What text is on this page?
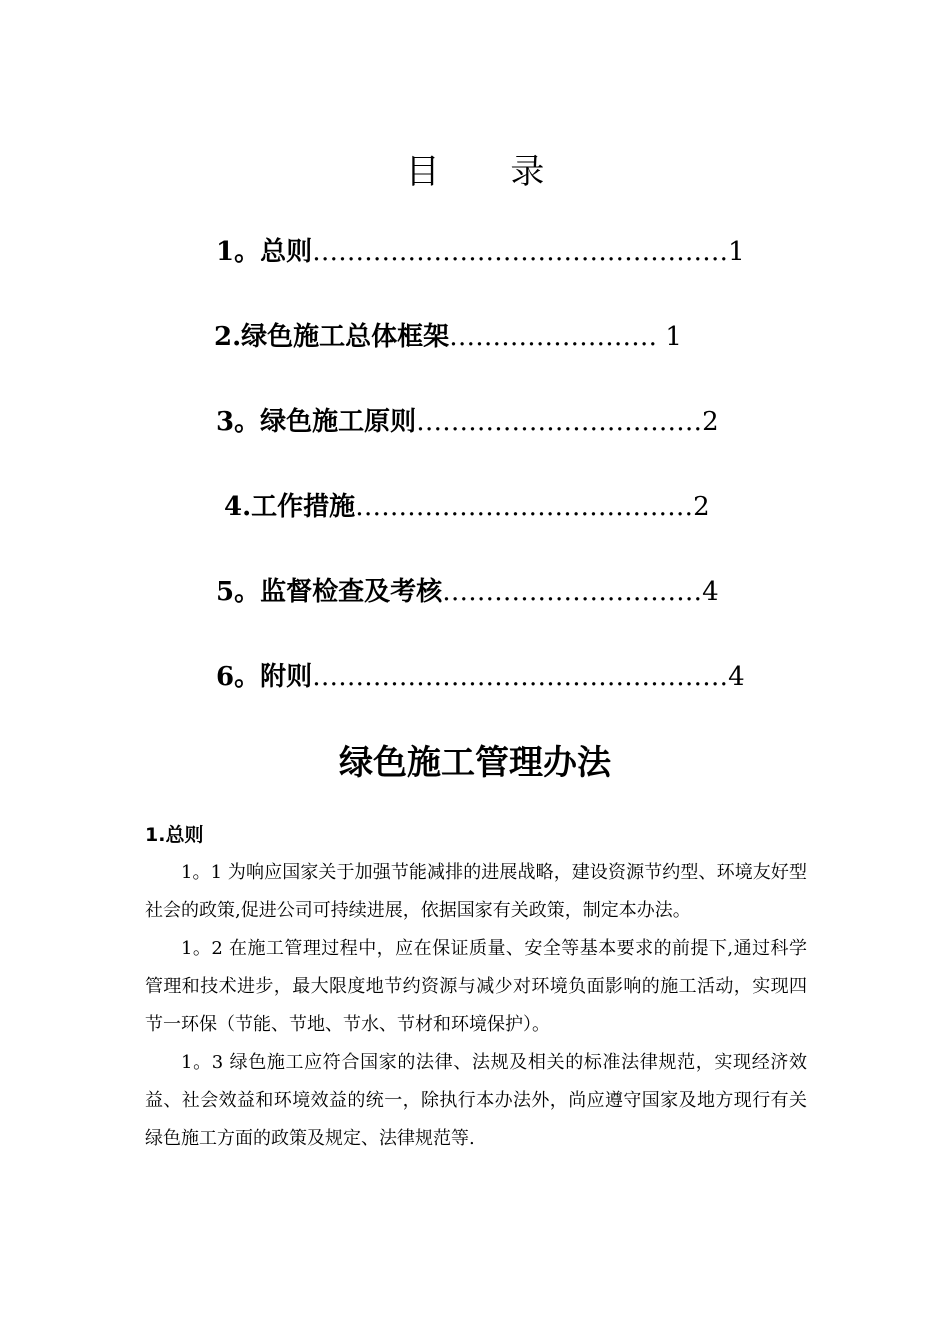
目 录
1。总则…………………………………………1
2.绿色施工总体框架…………………… 1
3。绿色施工原则……………………………2
4.工作措施…………………………………2
5。监督检查及考核…………………………4
6。附则…………………………………………4
绿色施工管理办法
1.总则
1。1 为响应国家关于加强节能减排的进展战略，建设资源节约型、环境友好型社会的政策,促进公司可持续进展，依据国家有关政策，制定本办法。
1。2 在施工管理过程中，应在保证质量、安全等基本要求的前提下,通过科学管理和技术进步，最大限度地节约资源与减少对环境负面影响的施工活动，实现四节一环保（节能、节地、节水、节材和环境保护）。
1。3 绿色施工应符合国家的法律、法规及相关的标准法律规范，实现经济效益、社会效益和环境效益的统一，除执行本办法外，尚应遵守国家及地方现行有关绿色施工方面的政策及规定、法律规范等.
